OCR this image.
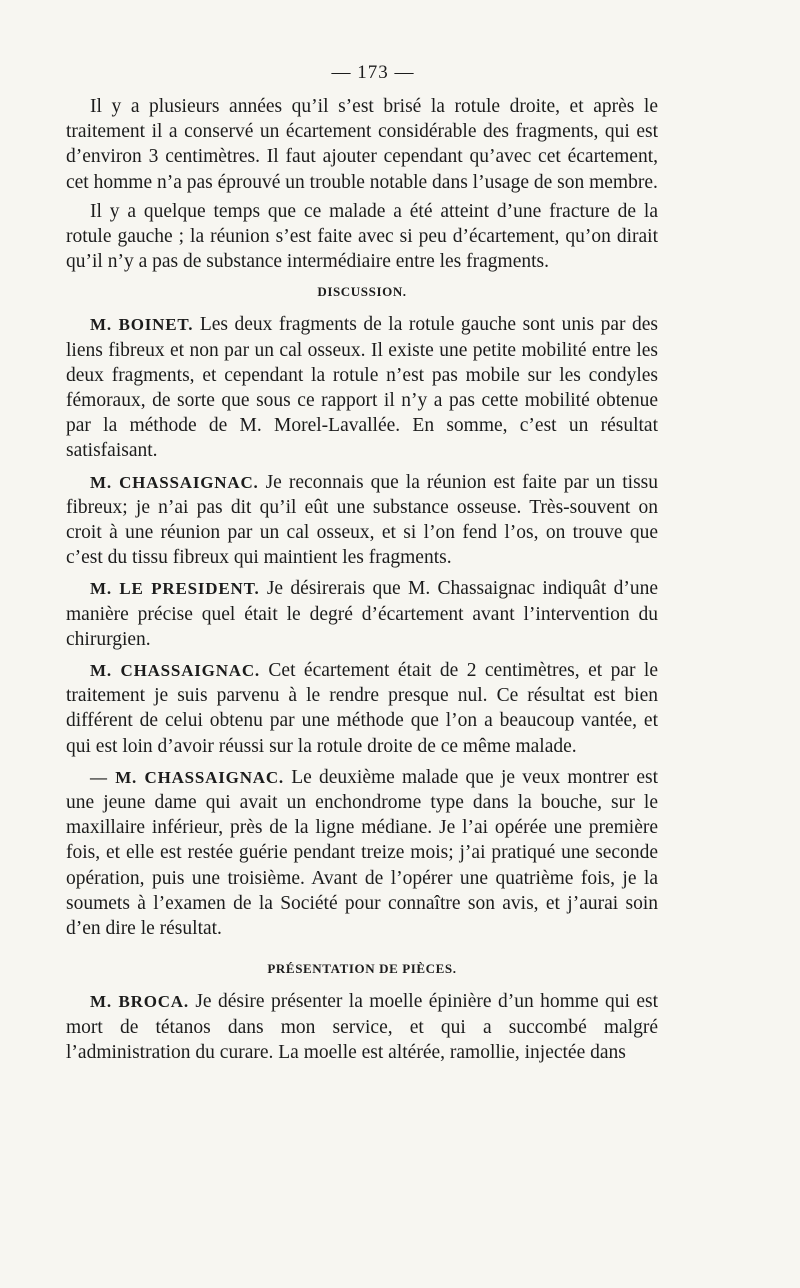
— 173 —

Il y a plusieurs années qu’il s’est brisé la rotule droite, et après le traitement il a conservé un écartement considérable des fragments, qui est d’environ 3 centimètres. Il faut ajouter cependant qu’avec cet écartement, cet homme n’a pas éprouvé un trouble notable dans l’usage de son membre.

Il y a quelque temps que ce malade a été atteint d’une fracture de la rotule gauche ; la réunion s’est faite avec si peu d’écartement, qu’on dirait qu’il n’y a pas de substance intermédiaire entre les fragments.

DISCUSSION.

M. BOINET. Les deux fragments de la rotule gauche sont unis par des liens fibreux et non par un cal osseux. Il existe une petite mobilité entre les deux fragments, et cependant la rotule n’est pas mobile sur les condyles fémoraux, de sorte que sous ce rapport il n’y a pas cette mobilité obtenue par la méthode de M. Morel-Lavallée. En somme, c’est un résultat satisfaisant.

M. CHASSAIGNAC. Je reconnais que la réunion est faite par un tissu fibreux; je n’ai pas dit qu’il eût une substance osseuse. Très-souvent on croit à une réunion par un cal osseux, et si l’on fend l’os, on trouve que c’est du tissu fibreux qui maintient les fragments.

M. LE PRESIDENT. Je désirerais que M. Chassaignac indiquât d’une manière précise quel était le degré d’écartement avant l’intervention du chirurgien.

M. CHASSAIGNAC. Cet écartement était de 2 centimètres, et par le traitement je suis parvenu à le rendre presque nul. Ce résultat est bien différent de celui obtenu par une méthode que l’on a beaucoup vantée, et qui est loin d’avoir réussi sur la rotule droite de ce même malade.

— M. CHASSAIGNAC. Le deuxième malade que je veux montrer est une jeune dame qui avait un enchondrome type dans la bouche, sur le maxillaire inférieur, près de la ligne médiane. Je l’ai opérée une première fois, et elle est restée guérie pendant treize mois; j’ai pratiqué une seconde opération, puis une troisième. Avant de l’opérer une quatrième fois, je la soumets à l’examen de la Société pour connaître son avis, et j’aurai soin d’en dire le résultat.

PRÉSENTATION DE PIÈCES.

M. BROCA. Je désire présenter la moelle épinière d’un homme qui est mort de tétanos dans mon service, et qui a succombé malgré l’administration du curare. La moelle est altérée, ramollie, injectée dans
